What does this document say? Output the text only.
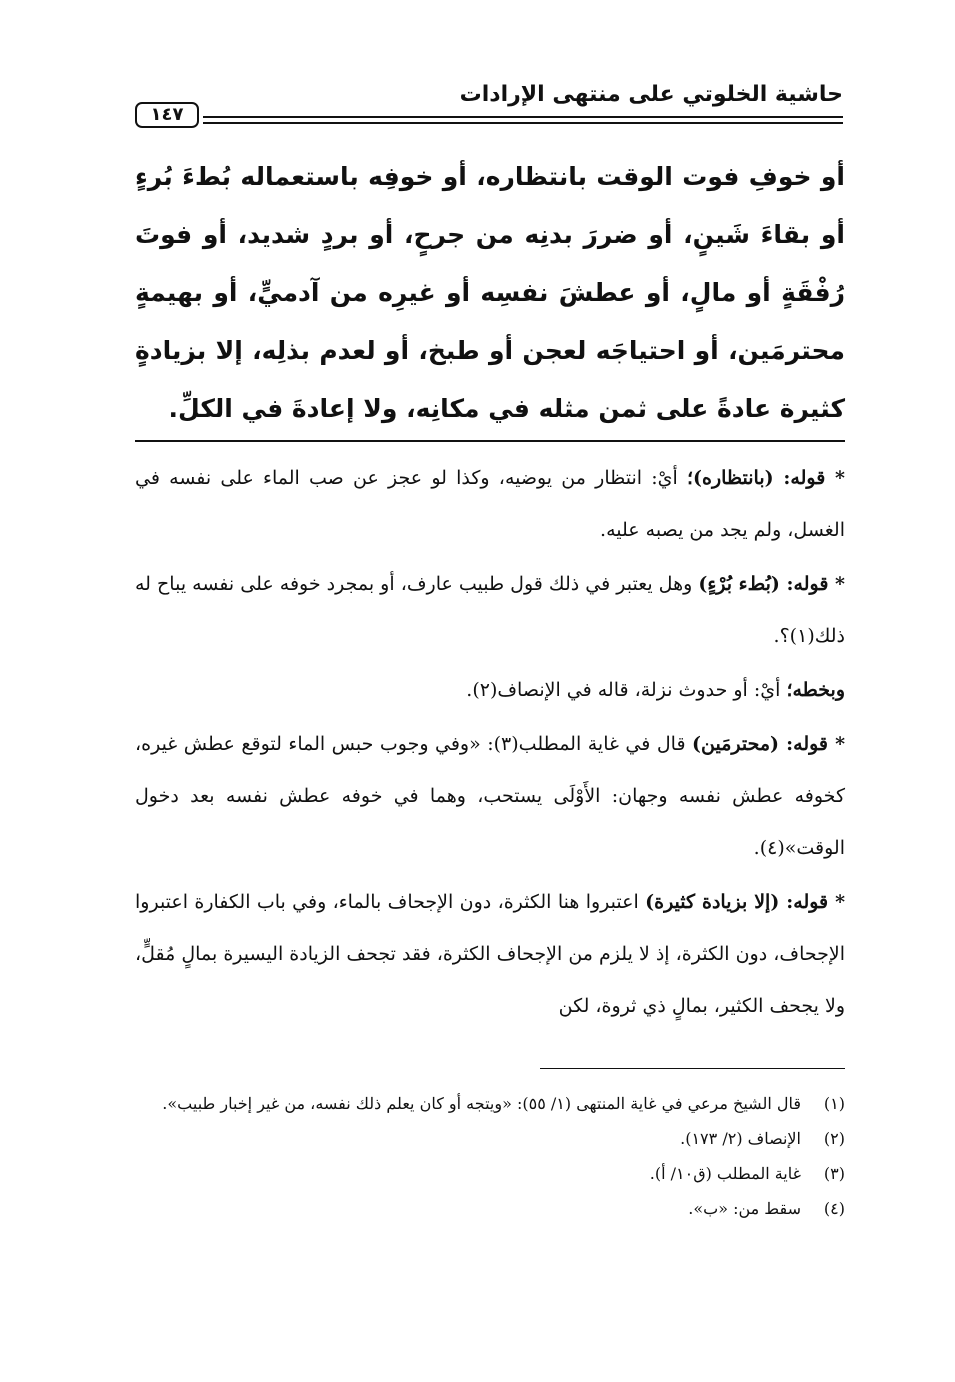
حاشية الخلوتي على منتهى الإرادات
١٤٧

أو خوفِ فوت الوقت بانتظاره، أو خوفِه باستعماله بُطءَ بُرءٍ أو بقاءَ شَينٍ، أو ضررَ بدنِه من جرحٍ، أو بردٍ شديد، أو فوتَ رُفْقَةٍ أو مالٍ، أو عطشَ نفسِه أو غيرِه من آدميٍّ، أو بهيمةٍ محترمَين، أو احتياجَه لعجن أو طبخ، أو لعدم بذلِه، إلا بزيادةٍ كثيرة عادةً على ثمن مثله في مكانِه، ولا إعادةَ في الكلِّ.

* قوله: (بانتظاره)؛ أيْ: انتظار من يوضيه، وكذا لو عجز عن صب الماء على نفسه في الغسل، ولم يجد من يصبه عليه.

* قوله: (بُطء بُرْءٍ) وهل يعتبر في ذلك قول طبيب عارف، أو بمجرد خوفه على نفسه يباح له ذلك(١)؟.

وبخطه؛ أيْ: أو حدوث نزلة، قاله في الإنصاف(٢).

* قوله: (محترمَين) قال في غاية المطلب(٣): «وفي وجوب حبس الماء لتوقع عطش غيره، كخوفه عطش نفسه وجهان: الأَوْلَى يستحب، وهما في خوفه عطش نفسه بعد دخول الوقت»(٤).

* قوله: (إلا بزيادة كثيرة) اعتبروا هنا الكثرة، دون الإجحاف بالماء، وفي باب الكفارة اعتبروا الإجحاف، دون الكثرة، إذ لا يلزم من الإجحاف الكثرة، فقد تجحف الزيادة اليسيرة بمالٍ مُقلٍّ، ولا يجحف الكثير، بمالٍ ذي ثروة، لكن

(١)
قال الشيخ مرعي في غاية المنتهى (١/ ٥٥): «ويتجه أو كان يعلم ذلك نفسه، من غير إخبار طبيب».

(٢)
الإنصاف (٢/ ١٧٣).

(٣)
غاية المطلب (ق١٠/ أ).

(٤)
سقط من: «ب».
